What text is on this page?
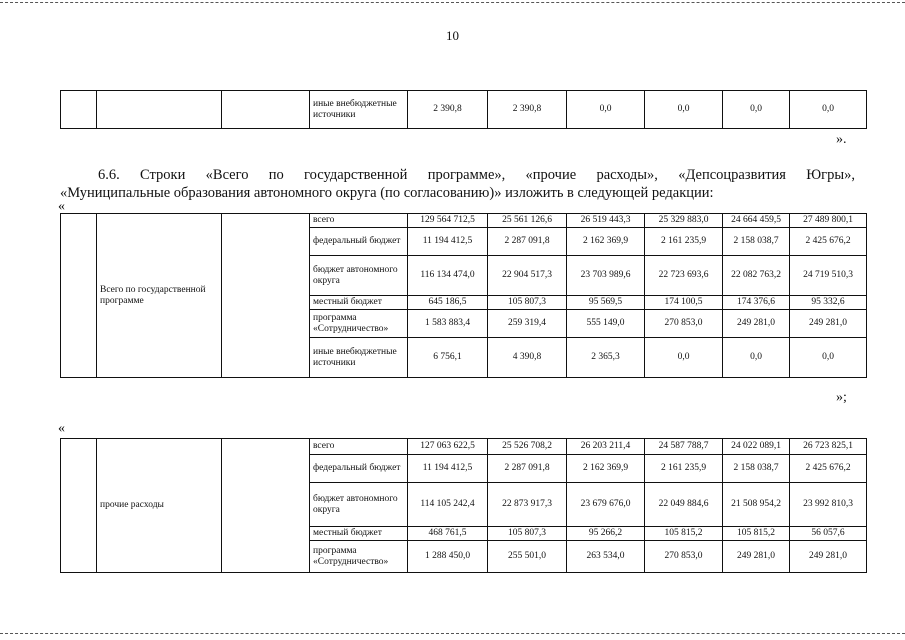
10
			иные внебюджетные источники	2 390,8	2 390,8	0,0	0,0	0,0	0,0
».
6.6. Строки «Всего по государственной программе», «прочие расходы», «Депсоцразвития Югры»,
«Муниципальные образования автономного округа (по согласованию)» изложить в следующей редакции:
«
	Всего по государственной программе		всего	129 564 712,5	25 561 126,6	26 519 443,3	25 329 883,0	24 664 459,5	27 489 800,1
			федеральный бюджет	11 194 412,5	2 287 091,8	2 162 369,9	2 161 235,9	2 158 038,7	2 425 676,2
			бюджет автономного округа	116 134 474,0	22 904 517,3	23 703 989,6	22 723 693,6	22 082 763,2	24 719 510,3
			местный бюджет	645 186,5	105 807,3	95 569,5	174 100,5	174 376,6	95 332,6
			программа «Сотрудничество»	1 583 883,4	259 319,4	555 149,0	270 853,0	249 281,0	249 281,0
			иные внебюджетные источники	6 756,1	4 390,8	2 365,3	0,0	0,0	0,0
»;
«
	прочие расходы		всего	127 063 622,5	25 526 708,2	26 203 211,4	24 587 788,7	24 022 089,1	26 723 825,1
			федеральный бюджет	11 194 412,5	2 287 091,8	2 162 369,9	2 161 235,9	2 158 038,7	2 425 676,2
			бюджет автономного округа	114 105 242,4	22 873 917,3	23 679 676,0	22 049 884,6	21 508 954,2	23 992 810,3
			местный бюджет	468 761,5	105 807,3	95 266,2	105 815,2	105 815,2	56 057,6
			программа «Сотрудничество»	1 288 450,0	255 501,0	263 534,0	270 853,0	249 281,0	249 281,0
